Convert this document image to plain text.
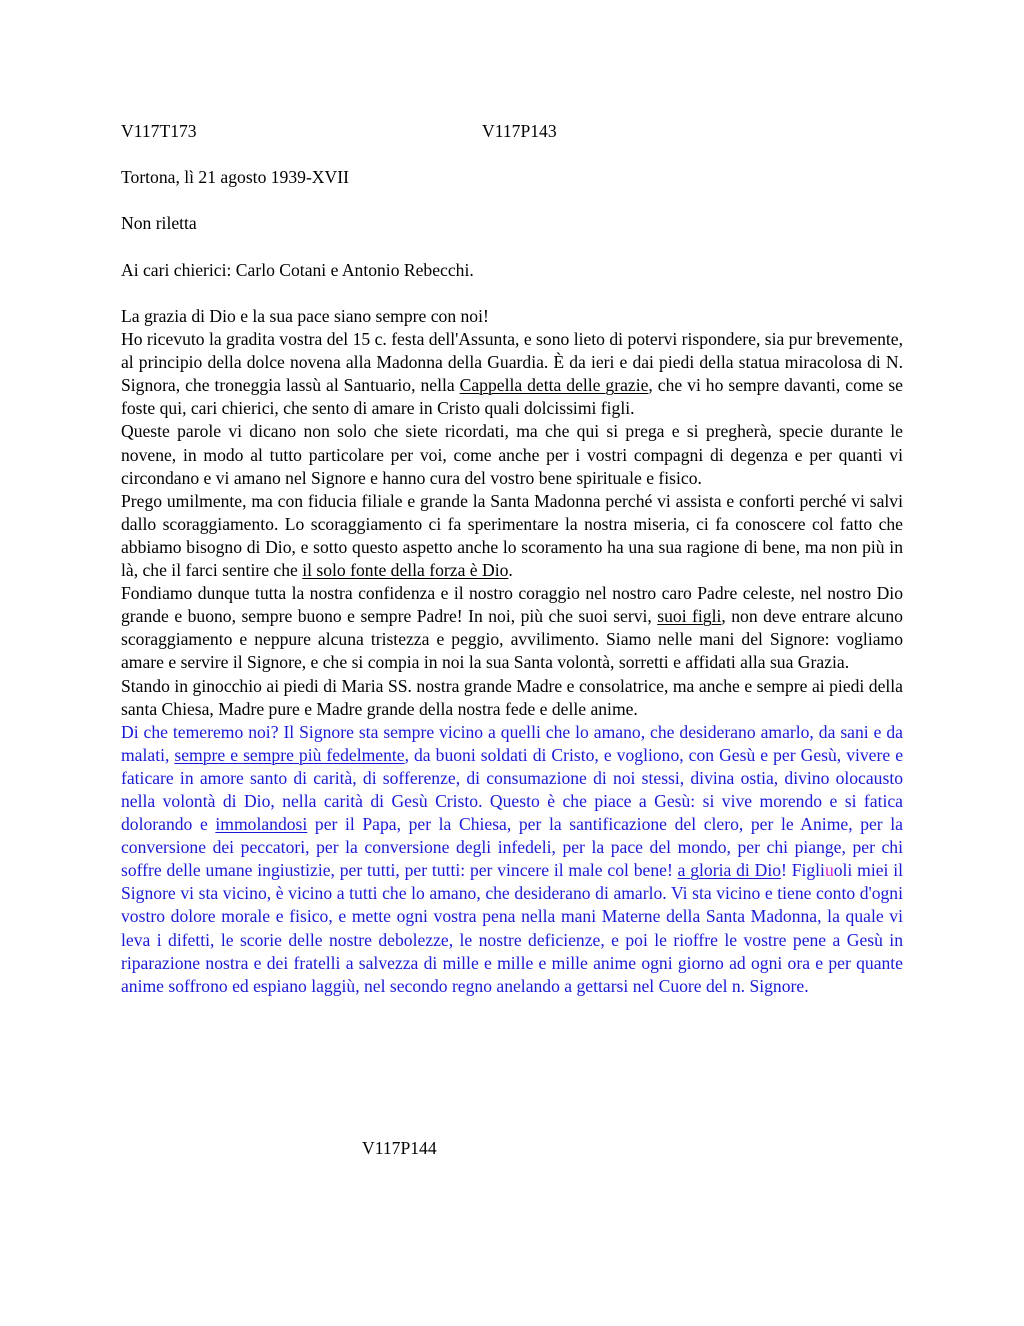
V117T173	V117P143
Tortona, lì 21 agosto 1939-XVII
Non riletta
Ai cari chierici: Carlo Cotani e Antonio Rebecchi.

La grazia di Dio e la sua pace siano sempre con noi!

Ho ricevuto la gradita vostra del 15 c. festa dell'Assunta, e sono lieto di potervi rispondere, sia pur brevemente, al principio della dolce novena alla Madonna della Guardia. È da ieri e dai piedi della statua miracolosa di N. Signora, che troneggia lassù al Santuario, nella Cappella detta delle grazie, che vi ho sempre davanti, come se foste qui, cari chierici, che sento di amare in Cristo quali dolcissimi figli.

Queste parole vi dicano non solo che siete ricordati, ma che qui si prega e si pregherà, specie durante le novene, in modo al tutto particolare per voi, come anche per i vostri compagni di degenza e per quanti vi circondano e vi amano nel Signore e hanno cura del vostro bene spirituale e fisico.

Prego umilmente, ma con fiducia filiale e grande la Santa Madonna perché vi assista e conforti perché vi salvi dallo scoraggiamento. Lo scoraggiamento ci fa sperimentare la nostra miseria, ci fa conoscere col fatto che abbiamo bisogno di Dio, e sotto questo aspetto anche lo scoramento ha una sua ragione di bene, ma non più in là, che il farci sentire che il solo fonte della forza è Dio.

Fondiamo dunque tutta la nostra confidenza e il nostro coraggio nel nostro caro Padre celeste, nel nostro Dio grande e buono, sempre buono e sempre Padre! In noi, più che suoi servi, suoi figli, non deve entrare alcuno scoraggiamento e neppure alcuna tristezza e peggio, avvilimento. Siamo nelle mani del Signore: vogliamo amare e servire il Signore, e che si compia in noi la sua Santa volontà, sorretti e affidati alla sua Grazia.

Stando in ginocchio ai piedi di Maria SS. nostra grande Madre e consolatrice, ma anche e sempre ai piedi della santa Chiesa, Madre pure e Madre grande della nostra fede e delle anime.

Di che temeremo noi? Il Signore sta sempre vicino a quelli che lo amano, che desiderano amarlo, da sani e da malati, sempre e sempre più fedelmente, da buoni soldati di Cristo, e vogliono, con Gesù e per Gesù, vivere e faticare in amore santo di carità, di sofferenze, di consumazione di noi stessi, divina ostia, divino olocausto nella volontà di Dio, nella carità di Gesù Cristo. Questo è che piace a Gesù: si vive morendo e si fatica dolorando e immolandosi per il Papa, per la Chiesa, per la santificazione del clero, per le Anime, per la conversione dei peccatori, per la conversione degli infedeli, per la pace del mondo, per chi piange, per chi soffre delle umane ingiustizie, per tutti, per tutti: per vincere il male col bene! a gloria di Dio! Figliuoli miei il Signore vi sta vicino, è vicino a tutti che lo amano, che desiderano di amarlo. Vi sta vicino e tiene conto d'ogni vostro dolore morale e fisico, e mette ogni vostra pena nella mani Materne della Santa Madonna, la quale vi leva i difetti, le scorie delle nostre debolezze, le nostre deficienze, e poi le rioffre le vostre pene a Gesù in riparazione nostra e dei fratelli a salvezza di mille e mille e mille anime ogni giorno ad ogni ora e per quante anime soffrono ed espiano laggiù, nel secondo regno anelando a gettarsi nel Cuore del n. Signore.

V117P144
